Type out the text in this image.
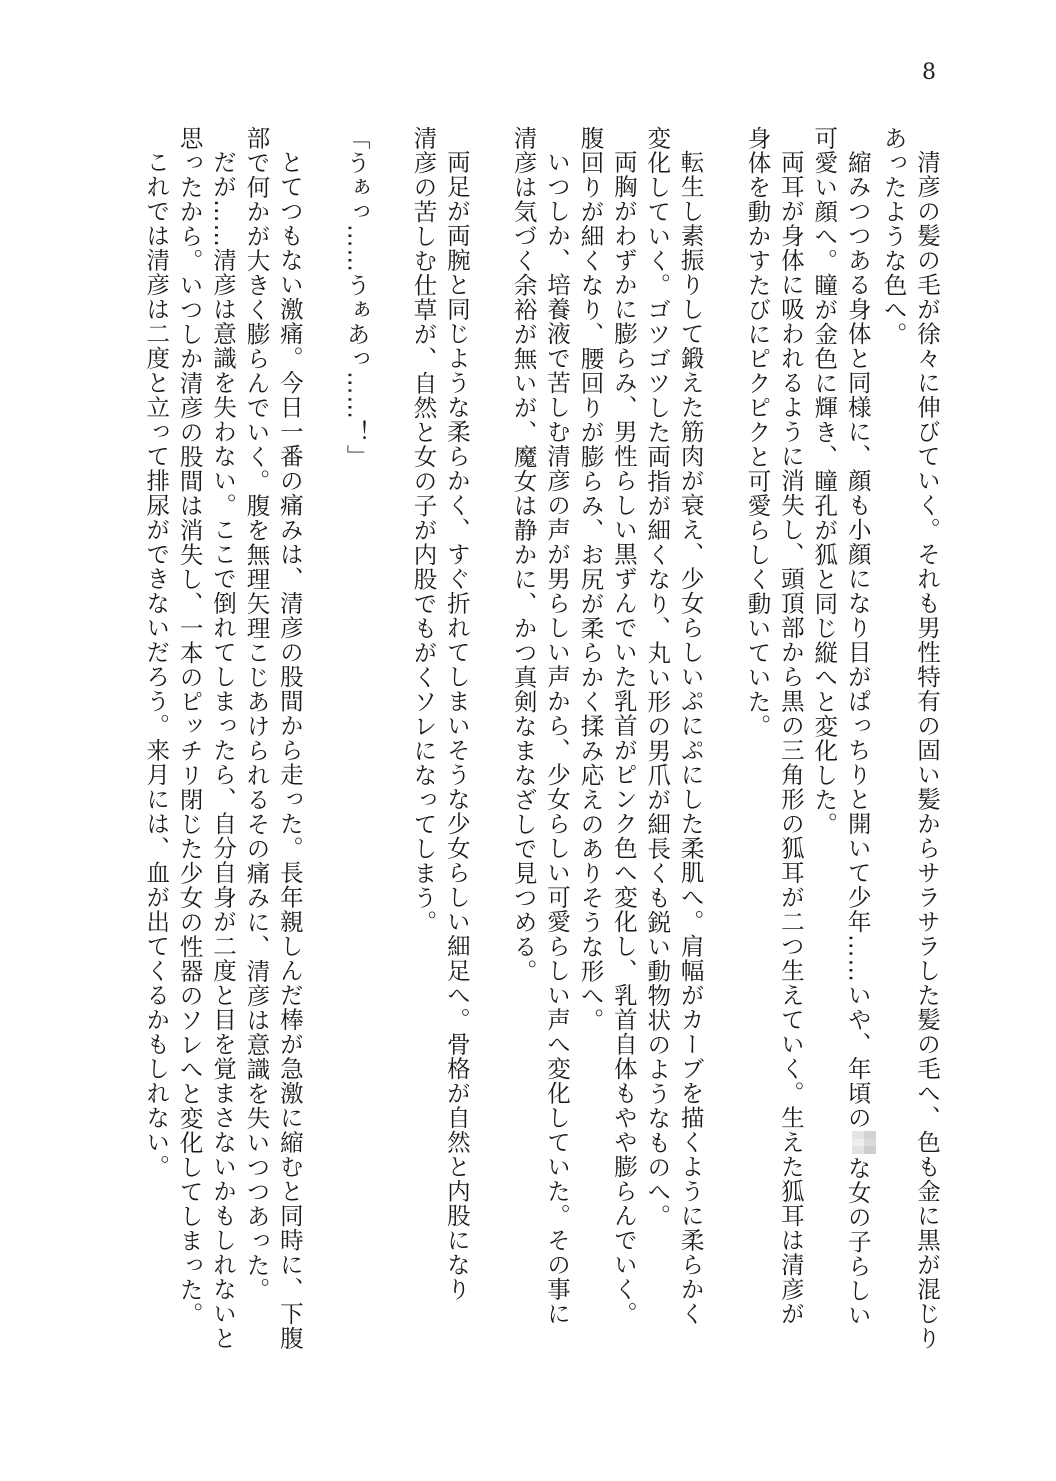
8
清彦の髪の毛が徐々に伸びていく。それも男性特有の固い髪からサラサラした髪の毛へ、色も金に黒が混じり
あったような色へ。
縮みつつある身体と同様に、顔も小顔になり目がぱっちりと開いて少年……いや、年頃のな女の子らしい
可愛い顔へ。瞳が金色に輝き、瞳孔が狐と同じ縦へと変化した。
両耳が身体に吸われるように消失し、頭頂部から黒の三角形の狐耳が二つ生えていく。生えた狐耳は清彦が
身体を動かすたびにピクピクと可愛らしく動いていた。
転生し素振りして鍛えた筋肉が衰え、少女らしいぷにぷにした柔肌へ。肩幅がカーブを描くように柔らかく
変化していく。ゴツゴツした両指が細くなり、丸い形の男爪が細長くも鋭い動物状のようなものへ。
両胸がわずかに膨らみ、男性らしい黒ずんでいた乳首がピンク色へ変化し、乳首自体もやや膨らんでいく。
腹回りが細くなり、腰回りが膨らみ、お尻が柔らかく揉み応えのありそうな形へ。
いつしか、培養液で苦しむ清彦の声が男らしい声から、少女らしい可愛らしい声へ変化していた。その事に
清彦は気づく余裕が無いが、魔女は静かに、かつ真剣なまなざしで見つめる。
両足が両腕と同じような柔らかく、すぐ折れてしまいそうな少女らしい細足へ。骨格が自然と内股になり
清彦の苦しむ仕草が、自然と女の子が内股でもがくソレになってしまう。
「うぁっ……うぁあっ……！」
とてつもない激痛。今日一番の痛みは、清彦の股間から走った。長年親しんだ棒が急激に縮むと同時に、下腹
部で何かが大きく膨らんでいく。腹を無理矢理こじあけられるその痛みに、清彦は意識を失いつつあった。
だが……清彦は意識を失わない。ここで倒れてしまったら、自分自身が二度と目を覚まさないかもしれないと
思ったから。いつしか清彦の股間は消失し、一本のピッチリ閉じた少女の性器のソレへと変化してしまった。
これでは清彦は二度と立って排尿ができないだろう。来月には、血が出てくるかもしれない。
